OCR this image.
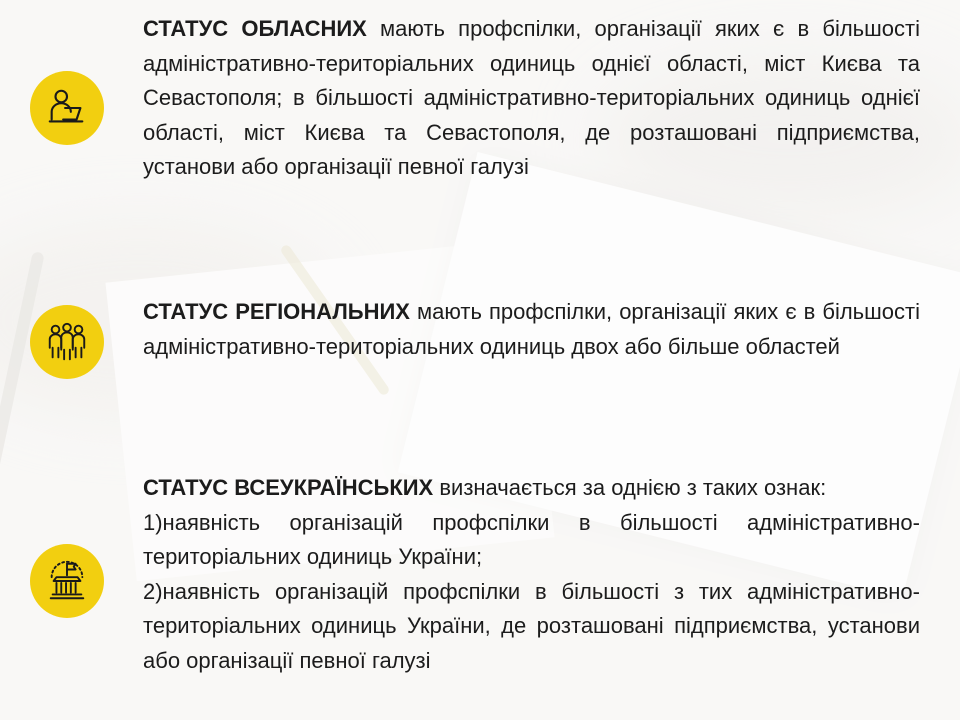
СТАТУС ОБЛАСНИХ мають профспілки, організації яких є в більшості адміністративно-територіальних одиниць однієї області, міст Києва та Севастополя; в більшості адміністративно-територіальних одиниць однієї області, міст Києва та Севастополя, де розташовані підприємства, установи або організації певної галузі
СТАТУС РЕГІОНАЛЬНИХ мають профспілки, організації яких є в більшості адміністративно-територіальних одиниць двох або більше областей
СТАТУС ВСЕУКРАЇНСЬКИХ визначається за однією з таких ознак:
1)наявність організацій профспілки в більшості адміністративно-територіальних одиниць України;
2)наявність організацій профспілки в більшості з тих адміністративно-територіальних одиниць України, де розташовані підприємства, установи або організації певної галузі
